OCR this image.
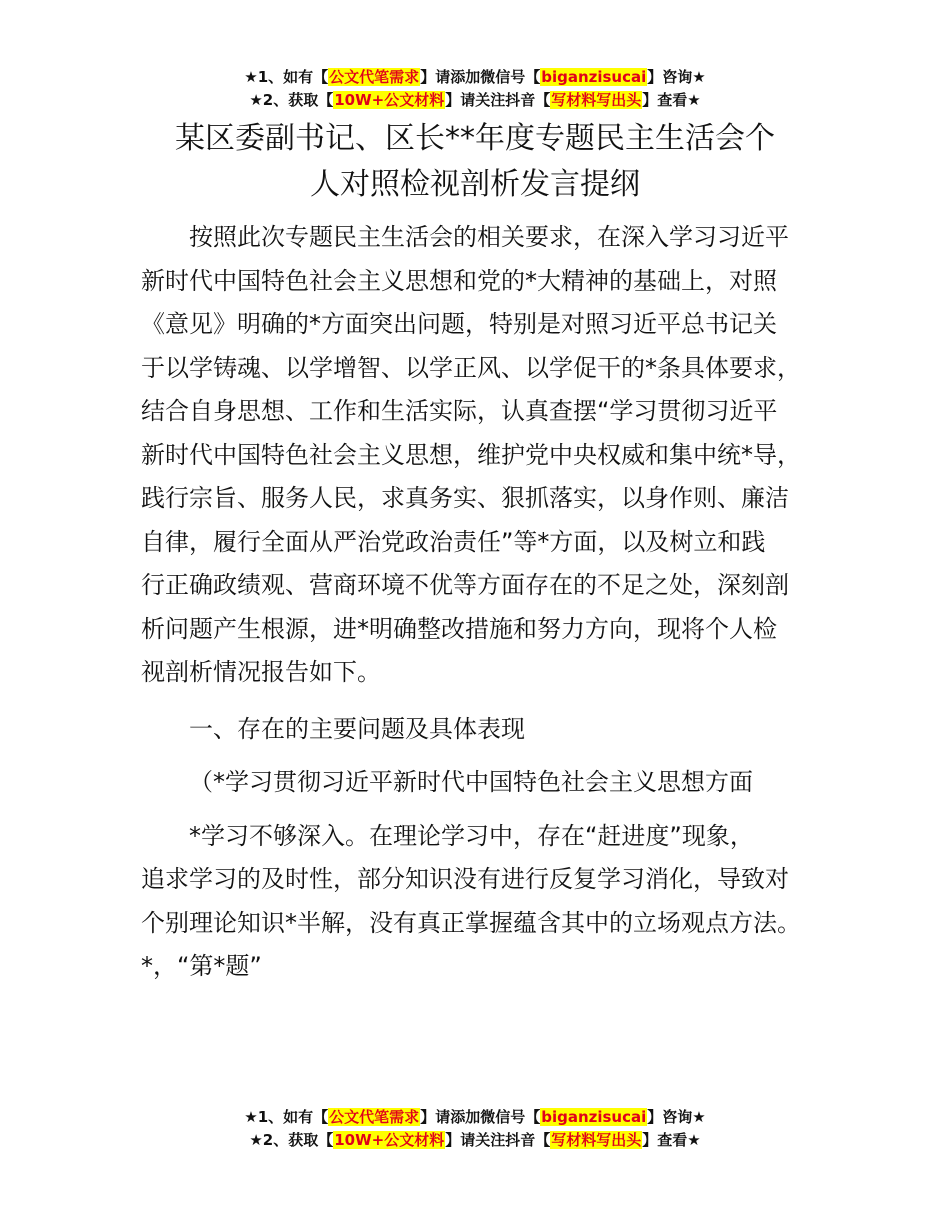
★1、如有【公文代笔需求】请添加微信号【biganzisucai】咨询★
★2、获取【10W+公文材料】请关注抖音【写材料写出头】查看★
某区委副书记、区长**年度专题民主生活会个
人对照检视剖析发言提纲

按照此次专题民主生活会的相关要求，在深入学习习近平
新时代中国特色社会主义思想和党的*大精神的基础上，对照
《意见》明确的*方面突出问题，特别是对照习近平总书记关
于以学铸魂、以学增智、以学正风、以学促干的*条具体要求，
结合自身思想、工作和生活实际，认真查摆“学习贯彻习近平
新时代中国特色社会主义思想，维护党中央权威和集中统*导，
践行宗旨、服务人民，求真务实、狠抓落实，以身作则、廉洁
自律，履行全面从严治党政治责任”等*方面，以及树立和践
行正确政绩观、营商环境不优等方面存在的不足之处，深刻剖
析问题产生根源，进*明确整改措施和努力方向，现将个人检
视剖析情况报告如下。

一、存在的主要问题及具体表现

（*学习贯彻习近平新时代中国特色社会主义思想方面

*学习不够深入。在理论学习中，存在“赶进度”现象，
追求学习的及时性，部分知识没有进行反复学习消化，导致对
个别理论知识*半解，没有真正掌握蕴含其中的立场观点方法。
*，“第*题”

★1、如有【公文代笔需求】请添加微信号【biganzisucai】咨询★
★2、获取【10W+公文材料】请关注抖音【写材料写出头】查看★
